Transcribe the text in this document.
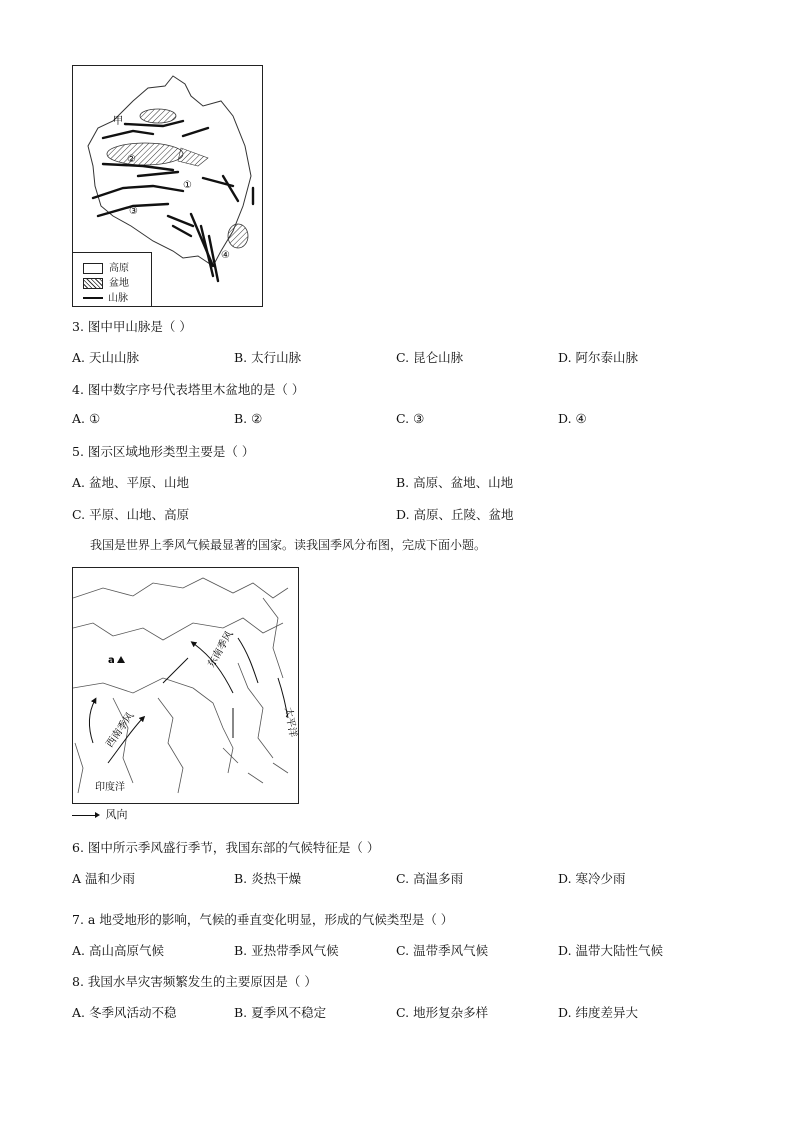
甲
②
①
③
④
高原
盆地
山脉
3. 图中甲山脉是（ ）
A. 天山山脉	B. 太行山脉	C. 昆仑山脉	D. 阿尔泰山脉
4. 图中数字序号代表塔里木盆地的是（ ）
A. ①	B. ②	C. ③	D. ④
5. 图示区域地形类型主要是（ ）
A. 盆地、平原、山地	B. 高原、盆地、山地
C. 平原、山地、高原	D. 高原、丘陵、盆地
我国是世界上季风气候最显著的国家。读我国季风分布图，完成下面小题。
a	东南季风
西南季风	太平洋
印度洋
风向
6. 图中所示季风盛行季节，我国东部的气候特征是（ ）
A 温和少雨	B. 炎热干燥	C. 高温多雨	D. 寒冷少雨
7. a 地受地形的影响，气候的垂直变化明显，形成的气候类型是（ ）
A. 高山高原气候	B. 亚热带季风气候	C. 温带季风气候	D. 温带大陆性气候
8. 我国水旱灾害频繁发生的主要原因是（ ）
A. 冬季风活动不稳	B. 夏季风不稳定	C. 地形复杂多样	D. 纬度差异大
